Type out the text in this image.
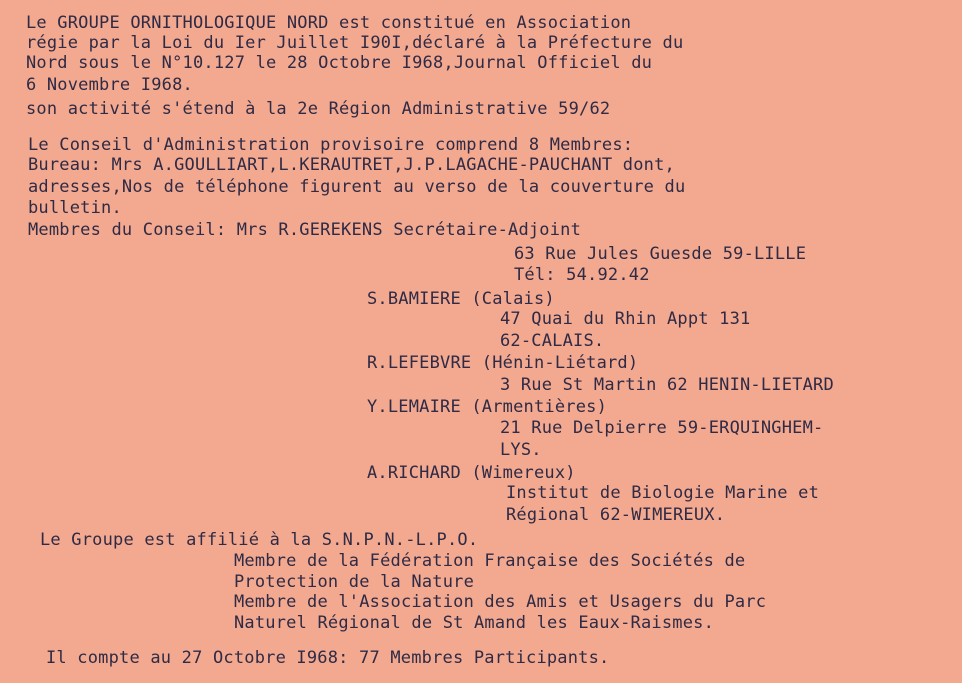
Le GROUPE ORNITHOLOGIQUE NORD est constitué en Association
régie par la Loi du Ier Juillet I90I,déclaré à la Préfecture du
Nord sous le N°10.127 le 28 Octobre I968,Journal Officiel du
6 Novembre I968.
son activité s'étend à la 2e Région Administrative 59/62
Le Conseil d'Administration provisoire comprend 8 Membres:
Bureau: Mrs A.GOULLIART,L.KERAUTRET,J.P.LAGACHE-PAUCHANT dont,
adresses,Nos de téléphone figurent au verso de la couverture du
bulletin.
Membres du Conseil: Mrs R.GEREKENS Secrétaire-Adjoint
63 Rue Jules Guesde 59-LILLE
Tél: 54.92.42
S.BAMIERE (Calais)
47 Quai du Rhin Appt 131
62-CALAIS.
R.LEFEBVRE (Hénin-Liétard)
3 Rue St Martin 62 HENIN-LIETARD
Y.LEMAIRE (Armentières)
21 Rue Delpierre 59-ERQUINGHEM-
LYS.
A.RICHARD (Wimereux)
Institut de Biologie Marine et
Régional 62-WIMEREUX.
Le Groupe est affilié à la S.N.P.N.-L.P.O.
Membre de la Fédération Française des Sociétés de
Protection de la Nature
Membre de l'Association des Amis et Usagers du Parc
Naturel Régional de St Amand les Eaux-Raismes.
Il compte au 27 Octobre I968: 77 Membres Participants.
